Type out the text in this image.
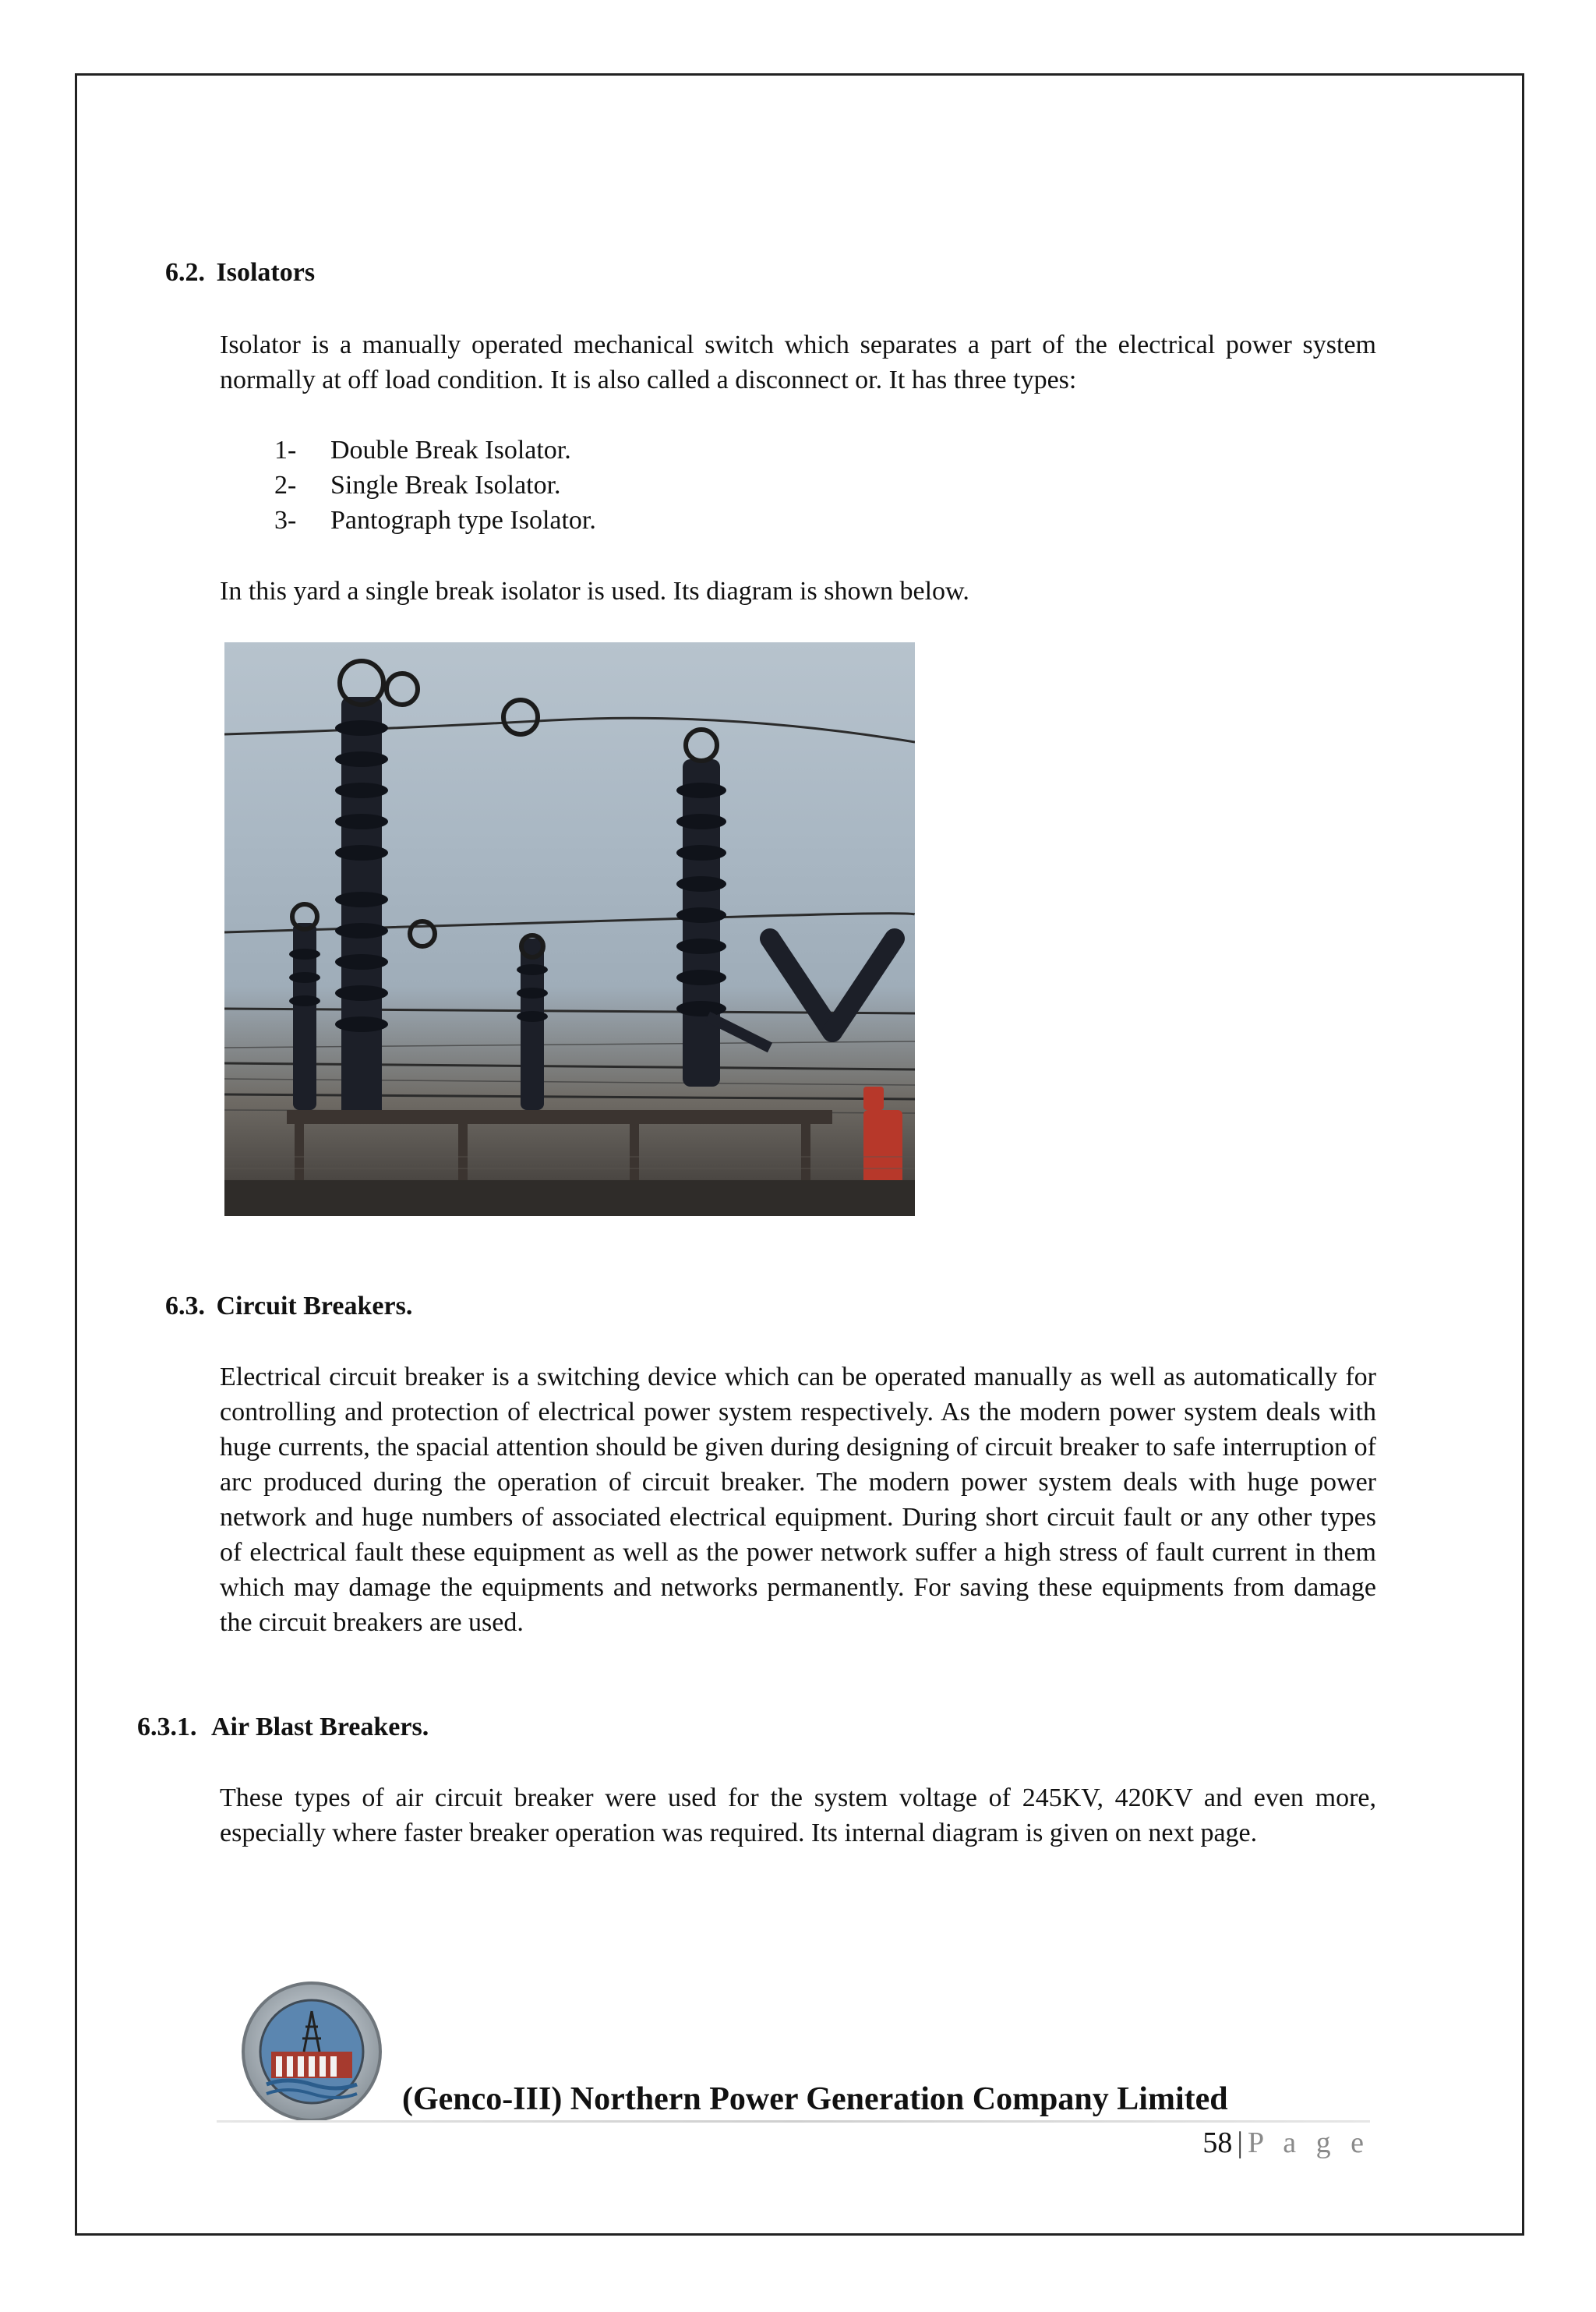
6.2. Isolators
Isolator is a manually operated mechanical switch which separates a part of the electrical power system normally at off load condition. It is also called a disconnect or. It has three types:
1- Double Break Isolator.
2- Single Break Isolator.
3- Pantograph type Isolator.
In this yard a single break isolator is used. Its diagram is shown below.
6.3. Circuit Breakers.
Electrical circuit breaker is a switching device which can be operated manually as well as automatically for controlling and protection of electrical power system respectively. As the modern power system deals with huge currents, the spacial attention should be given during designing of circuit breaker to safe interruption of arc produced during the operation of circuit breaker. The modern power system deals with huge power network and huge numbers of associated electrical equipment. During short circuit fault or any other types of electrical fault these equipment as well as the power network suffer a high stress of fault current in them which may damage the equipments and networks permanently. For saving these equipments from damage the circuit breakers are used.
6.3.1. Air Blast Breakers.
These types of air circuit breaker were used for the system voltage of 245KV, 420KV and even more, especially where faster breaker operation was required. Its internal diagram is given on next page.
(Genco-III) Northern Power Generation Company Limited
58 | P a g e
